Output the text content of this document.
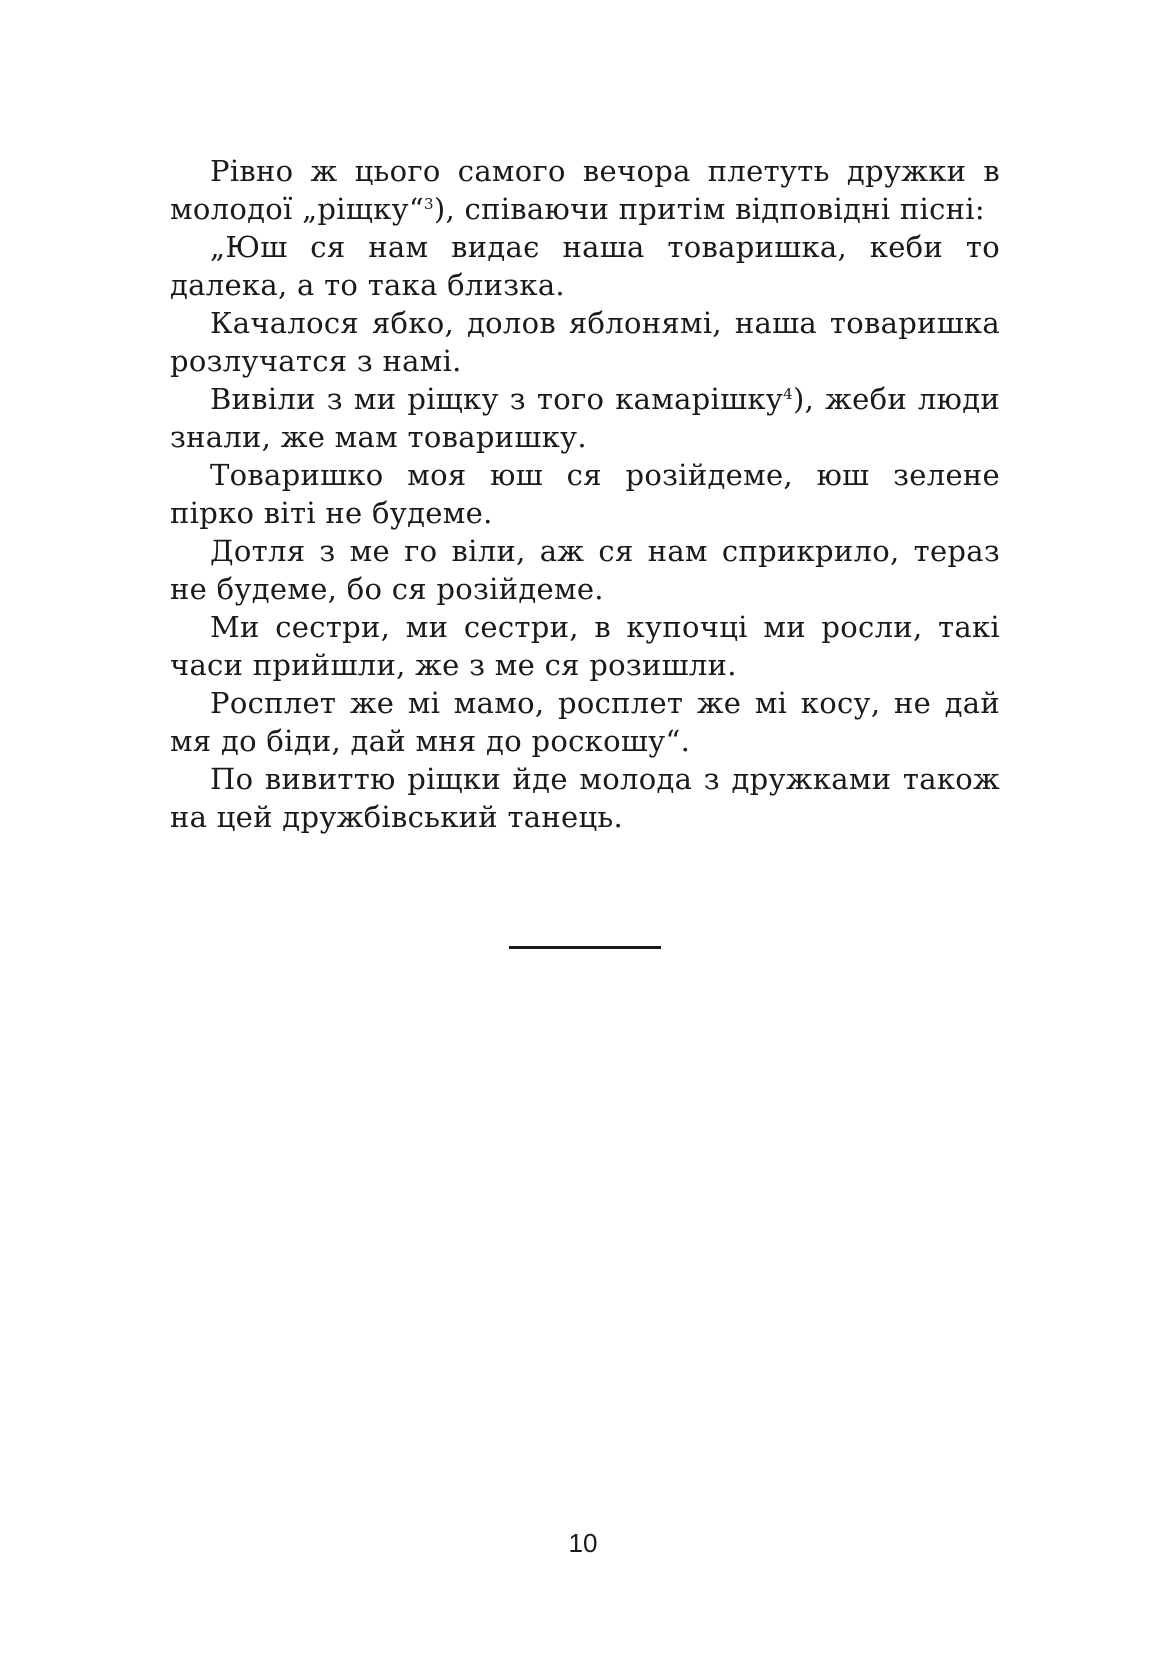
Рівно ж цього самого вечора плетуть дружки в молодої „ріщку“$^3$), співаючи притім відповідні пісні:

„Юш ся нам видає наша товаришка, кеби то далека, а то така близка.

Качалося ябко, долов яблонямі, наша товаришка розлучатся з намі.

Вивіли з ми ріщку з того камарішку$^4$), жеби люди знали, же мам товаришку.

Товаришко моя юш ся розійдеме, юш зелене пірко віті не будеме.

Дотля з ме го віли, аж ся нам сприкрило, тераз не будеме, бо ся розійдеме.

Ми сестри, ми сестри, в купочці ми росли, такі часи прийшли, же з ме ся розишли.

Росплет же мі мамо, росплет же мі косу, не дай мя до біди, дай мня до роскошу“.

По вивиттю ріщки йде молода з дружками також на цей дружбівський танець.

10
